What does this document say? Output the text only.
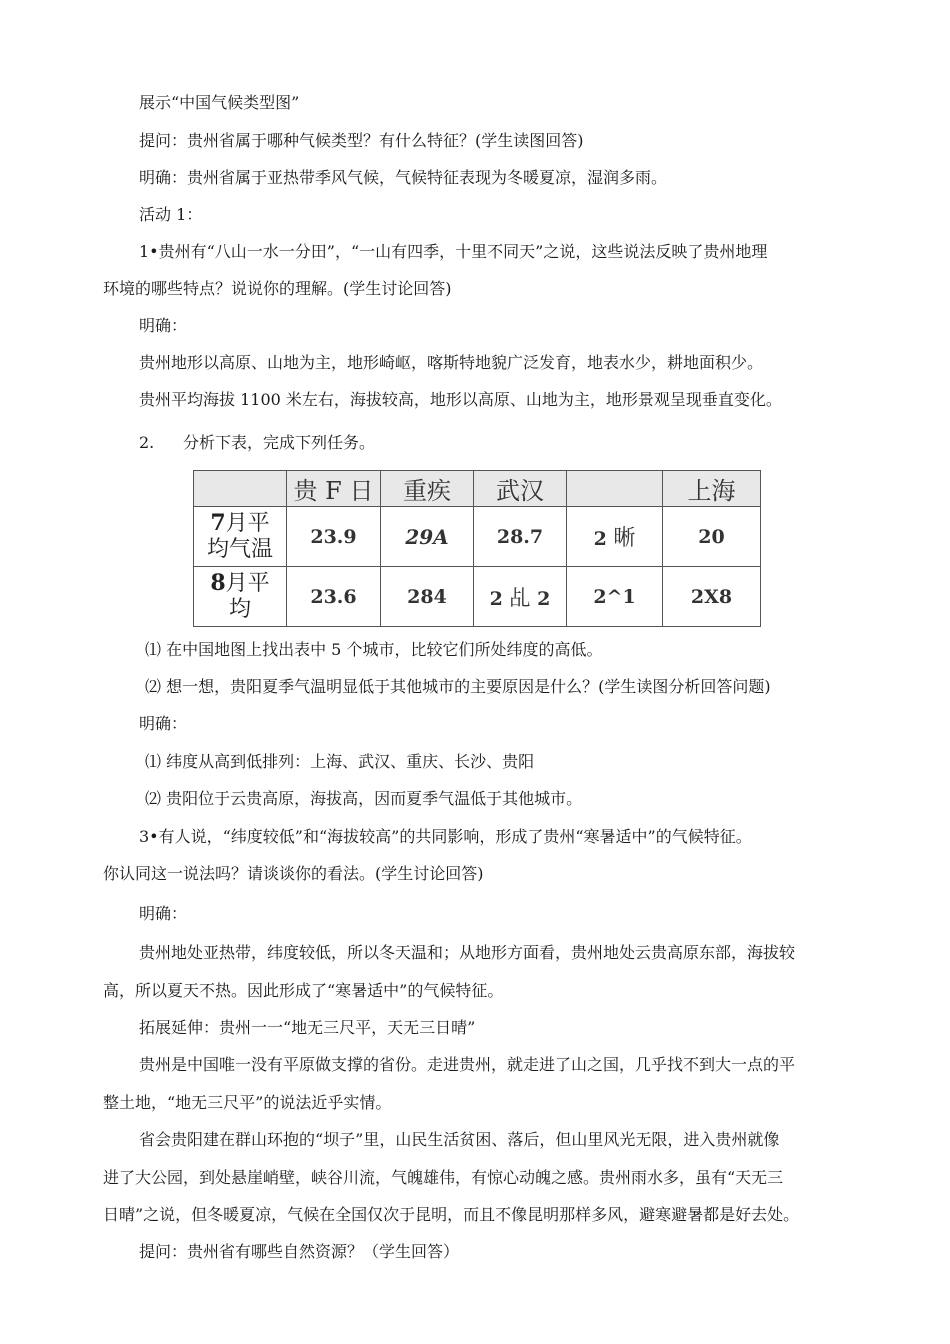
展示“中国气候类型图”
提问：贵州省属于哪种气候类型？有什么特征？(学生读图回答)
明确：贵州省属于亚热带季风气候，气候特征表现为冬暖夏凉，湿润多雨。
活动 1：
1•贵州有“八山一水一分田”，“一山有四季，十里不同天”之说，这些说法反映了贵州地理
环境的哪些特点？说说你的理解。(学生讨论回答)
明确：
贵州地形以高原、山地为主，地形崎岖，喀斯特地貌广泛发育，地表水少，耕地面积少。
贵州平均海拔 1100 米左右，海拔较高，地形以高原、山地为主，地形景观呈现垂直变化。
2. 分析下表，完成下列任务。
	贵 F 日	重疾	武汉		上海
7月平
均气温	23.9	29A	28.7	2 晰	20
8月平
均	23.6	284	2 乩 2	2^1	2X8
⑴ 在中国地图上找出表中 5 个城市，比较它们所处纬度的高低。
⑵ 想一想，贵阳夏季气温明显低于其他城市的主要原因是什么？(学生读图分析回答问题)
明确：
⑴ 纬度从高到低排列：上海、武汉、重庆、长沙、贵阳
⑵ 贵阳位于云贵高原，海拔高，因而夏季气温低于其他城市。
3•有人说，“纬度较低”和“海拔较高”的共同影响，形成了贵州“寒暑适中”的气候特征。
你认同这一说法吗？请谈谈你的看法。(学生讨论回答)
明确：
贵州地处亚热带，纬度较低，所以冬天温和；从地形方面看，贵州地处云贵高原东部，海拔较
高，所以夏天不热。因此形成了“寒暑适中”的气候特征。
拓展延伸：贵州一一“地无三尺平，天无三日晴”
贵州是中国唯一没有平原做支撑的省份。走进贵州，就走进了山之国，几乎找不到大一点的平
整土地，“地无三尺平”的说法近乎实情。
省会贵阳建在群山环抱的“坝子”里，山民生活贫困、落后，但山里风光无限，进入贵州就像
进了大公园，到处悬崖峭壁，峡谷川流，气魄雄伟，有惊心动魄之感。贵州雨水多，虽有“天无三
日晴”之说，但冬暖夏凉，气候在全国仅次于昆明，而且不像昆明那样多风，避寒避暑都是好去处。
提问：贵州省有哪些自然资源？（学生回答）
